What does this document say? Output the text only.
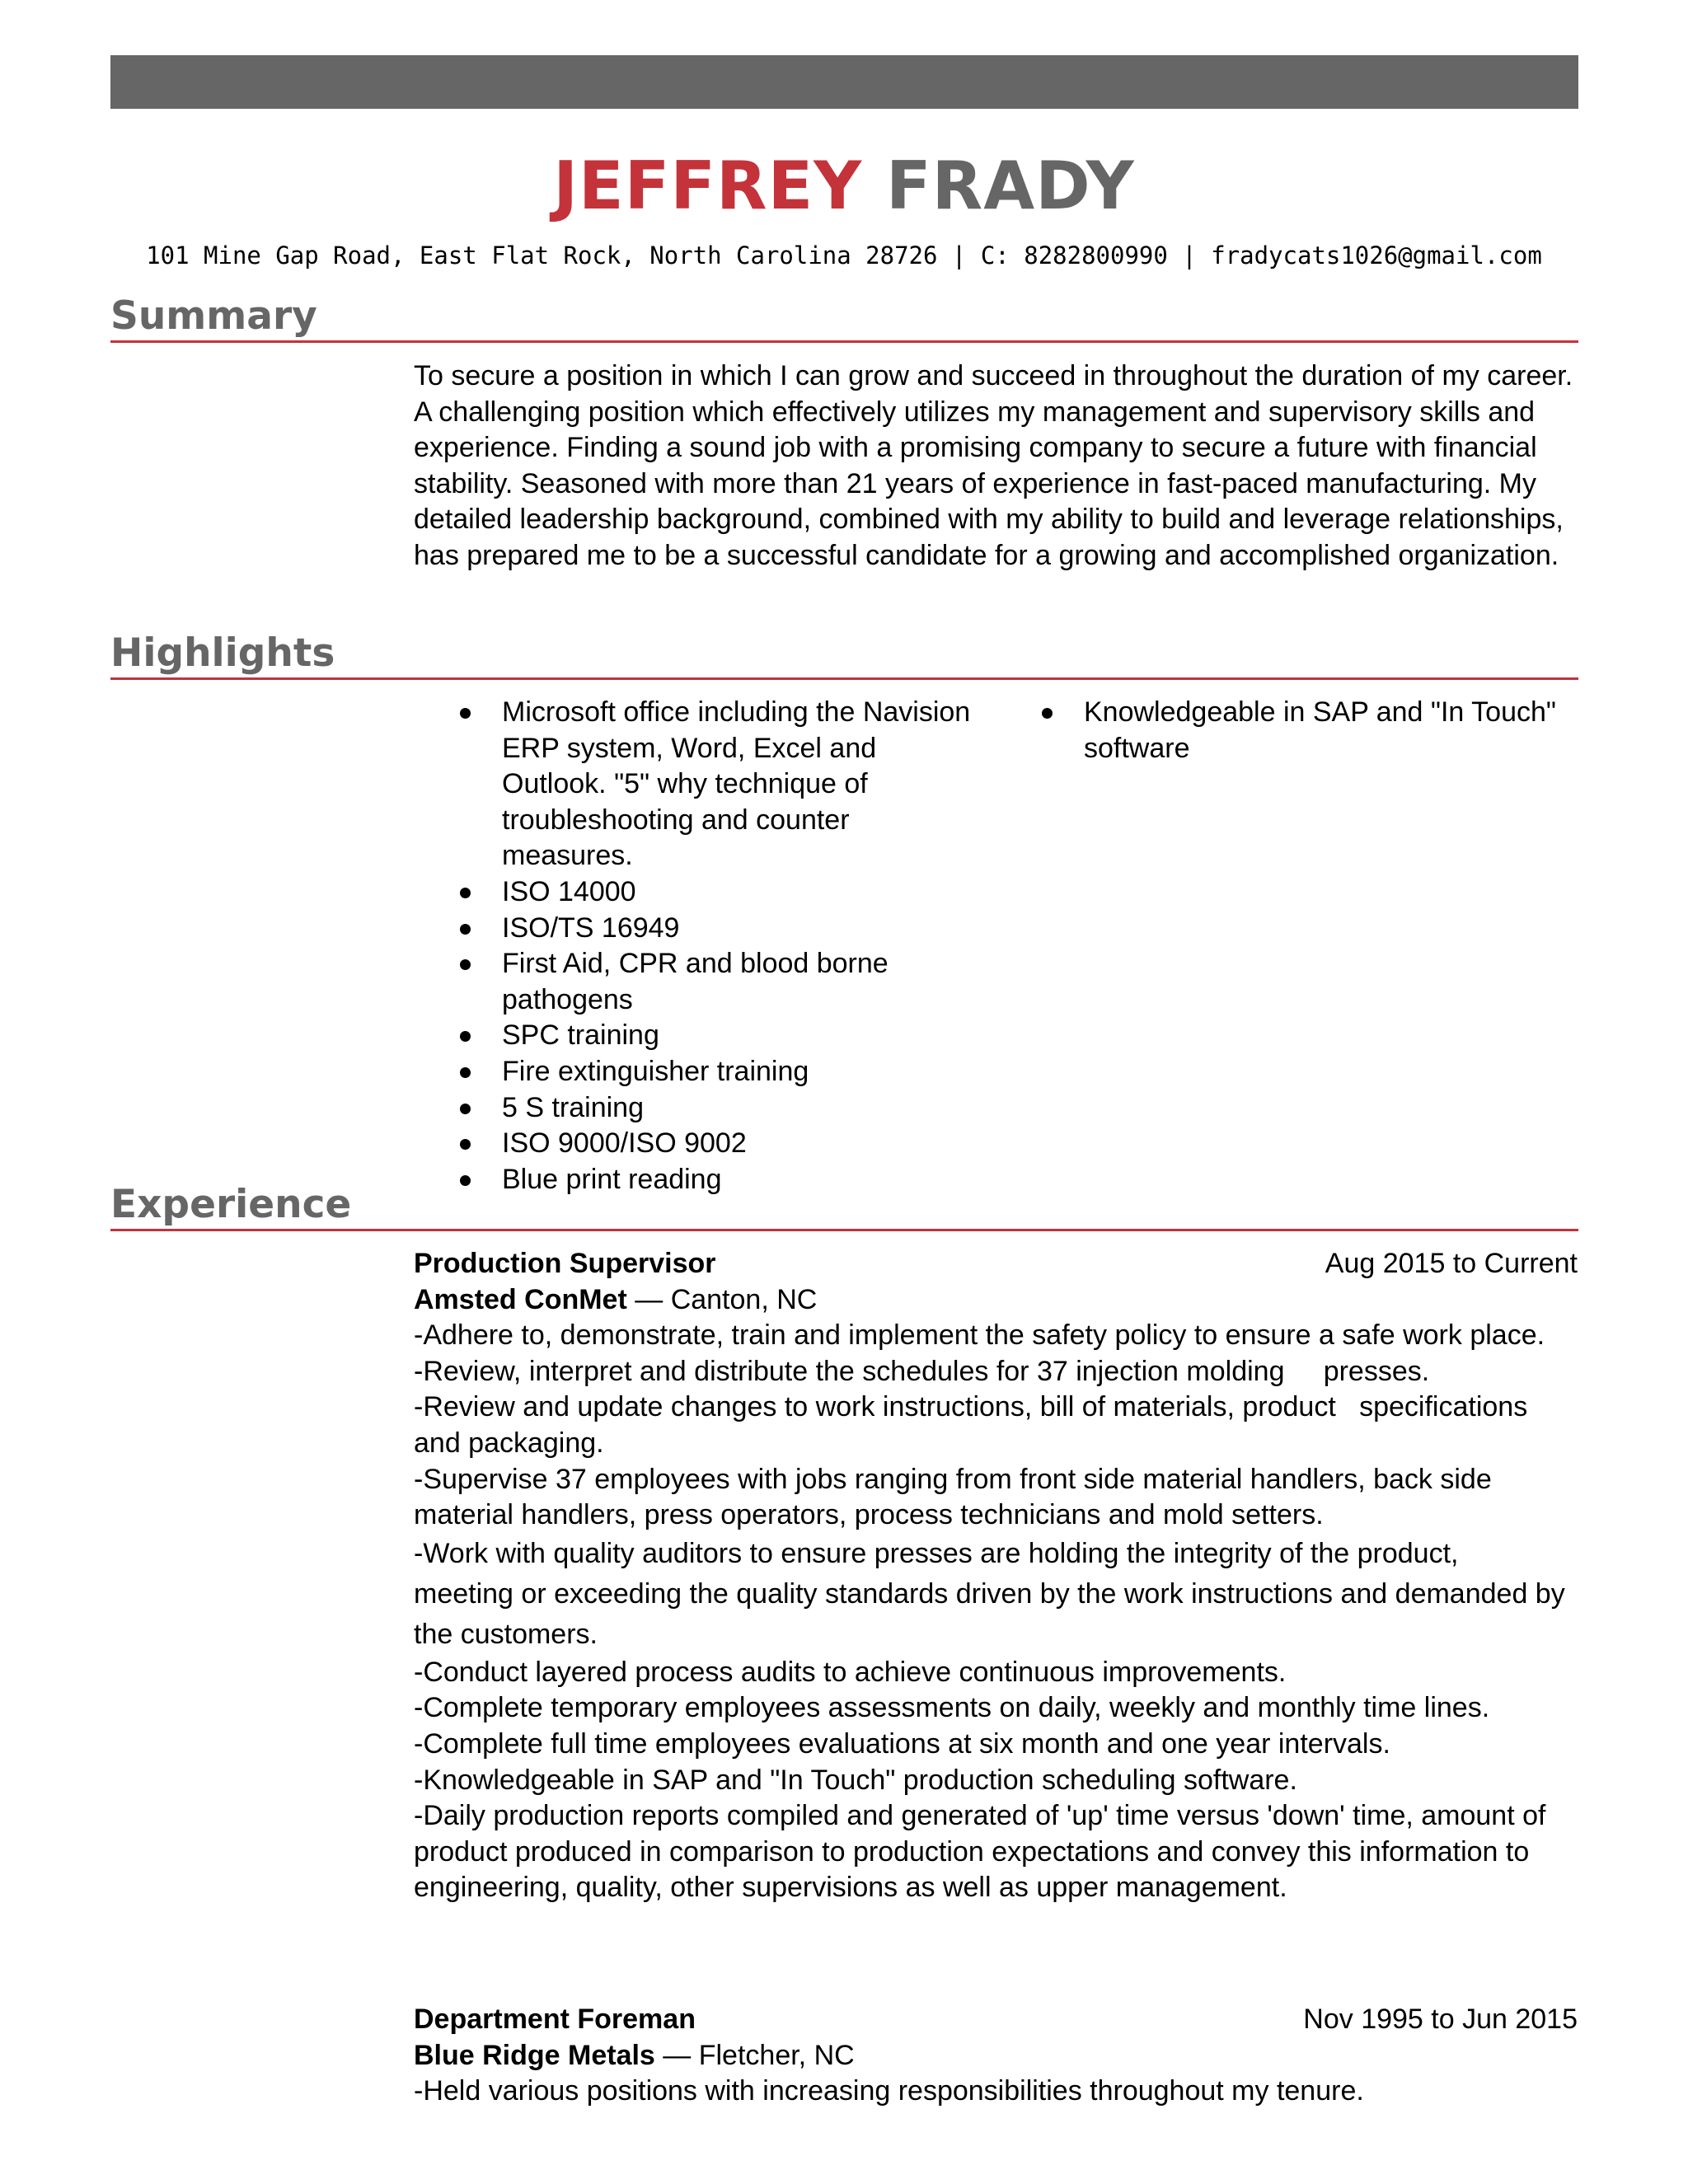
JEFFREY FRADY
101 Mine Gap Road, East Flat Rock, North Carolina 28726 | C: 8282800990 | fradycats1026@gmail.com
Summary
To secure a position in which I can grow and succeed in throughout the duration of my career.
A challenging position which effectively utilizes my management and supervisory skills and
experience. Finding a sound job with a promising company to secure a future with financial
stability. Seasoned with more than 21 years of experience in fast-paced manufacturing. My
detailed leadership background, combined with my ability to build and leverage relationships,
has prepared me to be a successful candidate for a growing and accomplished organization.
Highlights
Microsoft office including the Navision ERP system, Word, Excel and Outlook. "5" why technique of troubleshooting and counter measures.
ISO 14000
ISO/TS 16949
First Aid, CPR and blood borne pathogens
SPC training
Fire extinguisher training
5 S training
ISO 9000/ISO 9002
Blue print reading
Knowledgeable in SAP and "In Touch" software
Experience
Production Supervisor	Aug 2015 to Current
Amsted ConMet — Canton, NC
-Adhere to, demonstrate, train and implement the safety policy to ensure a safe work place.
-Review, interpret and distribute the schedules for 37 injection molding     presses.
-Review and update changes to work instructions, bill of materials, product   specifications
and packaging.
-Supervise 37 employees with jobs ranging from front side material handlers, back side
material handlers, press operators, process technicians and mold setters.
-Work with quality auditors to ensure presses are holding the integrity of the product,
meeting or exceeding the quality standards driven by the work instructions and demanded by
the customers.
-Conduct layered process audits to achieve continuous improvements.
-Complete temporary employees assessments on daily, weekly and monthly time lines.
-Complete full time employees evaluations at six month and one year intervals.
-Knowledgeable in SAP and "In Touch" production scheduling software.
-Daily production reports compiled and generated of 'up' time versus 'down' time, amount of
product produced in comparison to production expectations and convey this information to
engineering, quality, other supervisions as well as upper management.
Department Foreman	Nov 1995 to Jun 2015
Blue Ridge Metals — Fletcher, NC
-Held various positions with increasing responsibilities throughout my tenure.
